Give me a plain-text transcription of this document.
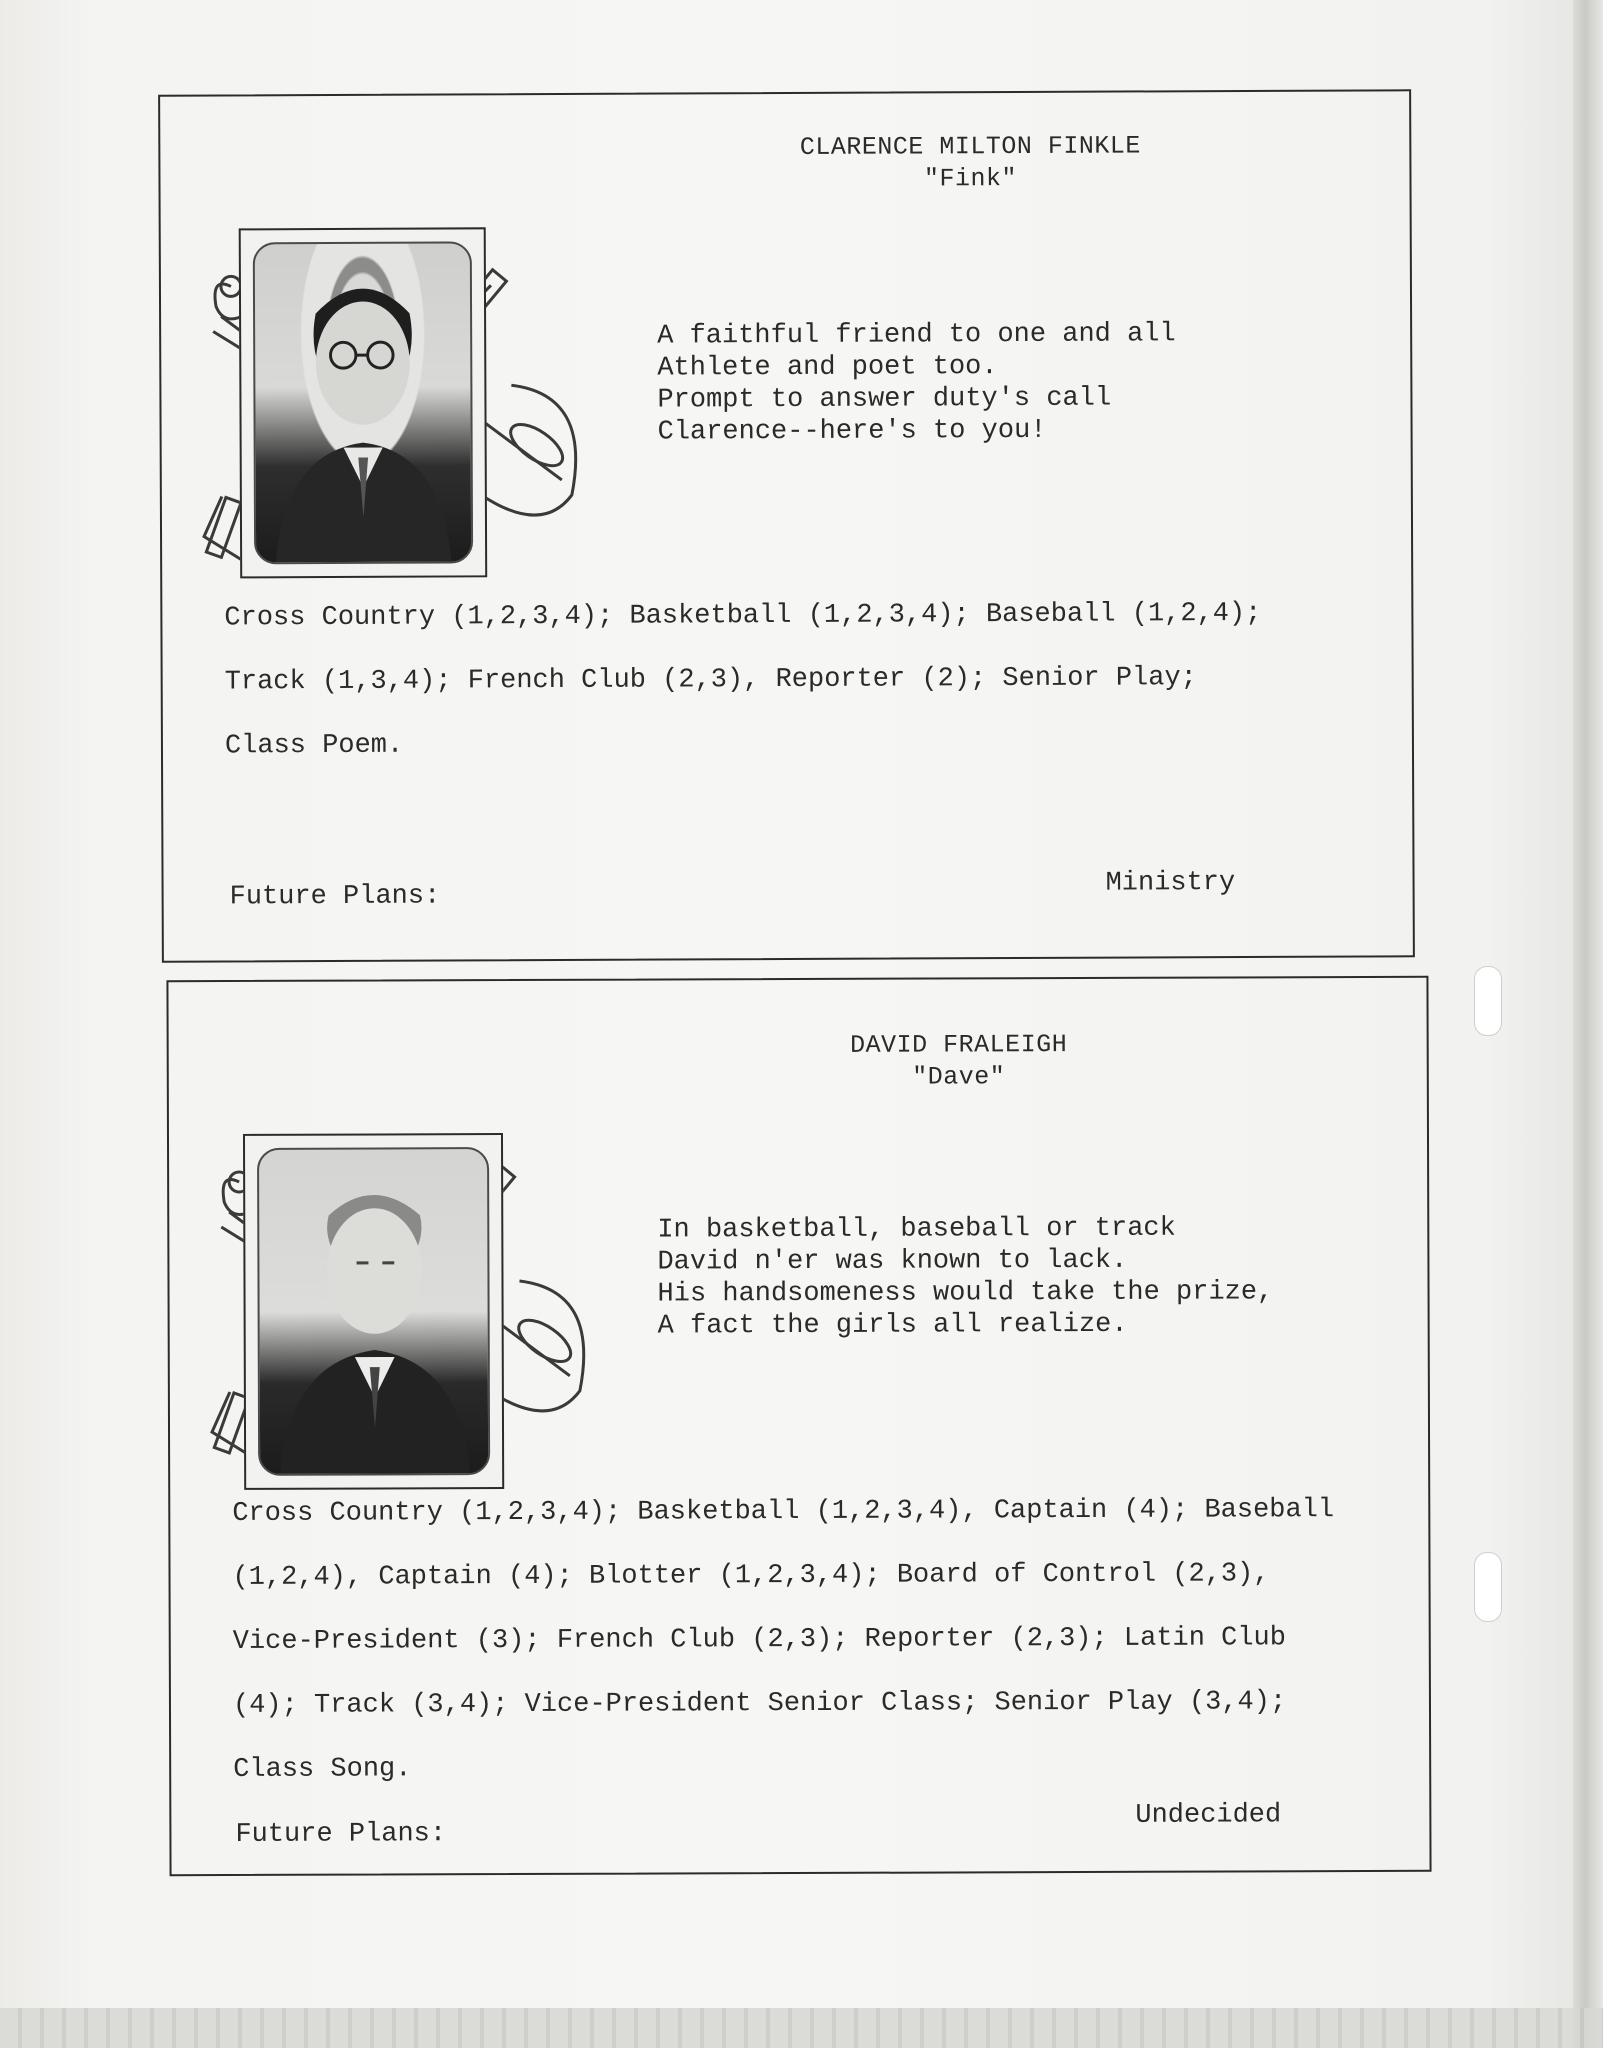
CLARENCE MILTON FINKLE
"Fink"
A faithful friend to one and all
Athlete and poet too.
Prompt to answer duty's call
Clarence--here's to you!
Cross Country (1,2,3,4); Basketball (1,2,3,4); Baseball (1,2,4); Track (1,3,4); French Club (2,3), Reporter (2); Senior Play; Class Poem.
Future Plans:	Ministry
DAVID FRALEIGH
"Dave"
In basketball, baseball or track
David n'er was known to lack.
His handsomeness would take the prize,
A fact the girls all realize.
Cross Country (1,2,3,4); Basketball (1,2,3,4), Captain (4); Baseball (1,2,4), Captain (4); Blotter (1,2,3,4); Board of Control (2,3), Vice-President (3); French Club (2,3); Reporter (2,3); Latin Club (4); Track (3,4); Vice-President Senior Class; Senior Play (3,4); Class Song.
Future Plans:
Undecided
